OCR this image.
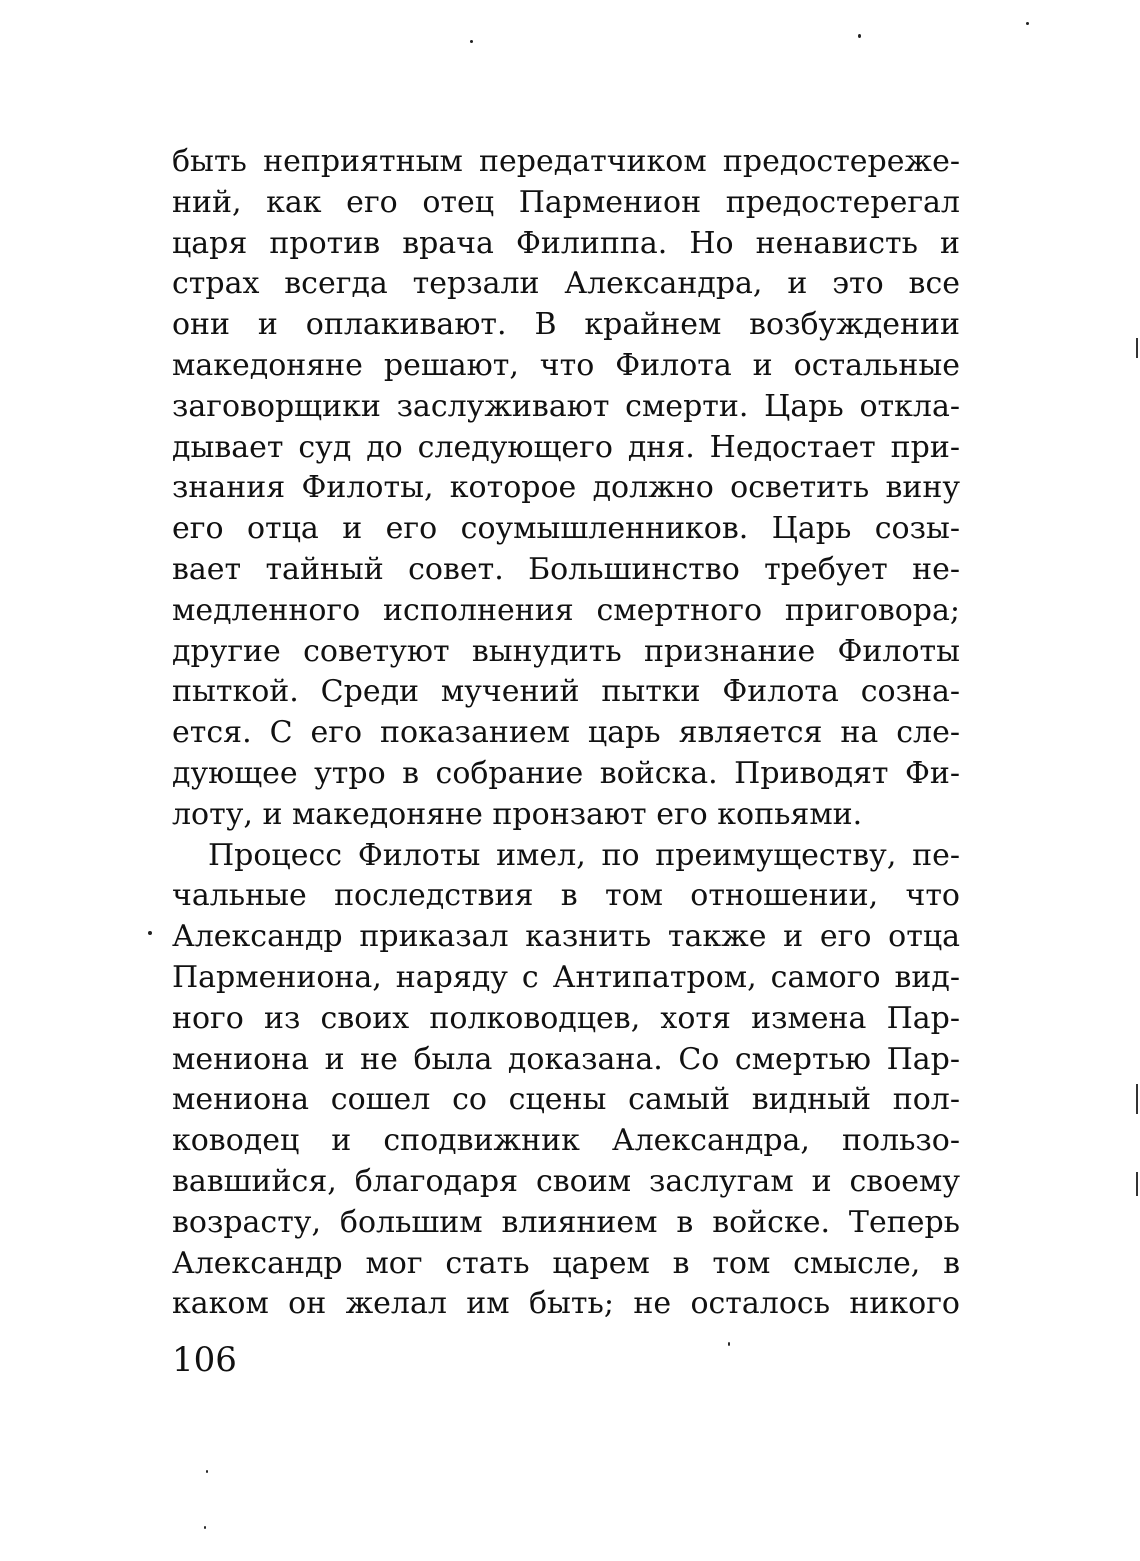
быть неприятным передатчиком предостереже-
ний, как его отец Парменион предостерегал
царя против врача Филиппа. Но ненависть и
страх всегда терзали Александра, и это все
они и оплакивают. В крайнем возбуждении
македоняне решают, что Филота и остальные
заговорщики заслуживают смерти. Царь откла-
дывает суд до следующего дня. Недостает при-
знания Филоты, которое должно осветить вину
его отца и его соумышленников. Царь созы-
вает тайный совет. Большинство требует не-
медленного исполнения смертного приговора;
другие советуют вынудить признание Филоты
пыткой. Среди мучений пытки Филота созна-
ется. С его показанием царь является на сле-
дующее утро в собрание войска. Приводят Фи-
лоту, и македоняне пронзают его копьями.
Процесс Филоты имел, по преимуществу, пе-
чальные последствия в том отношении, что
Александр приказал казнить также и его отца
Пармениона, наряду с Антипатром, самого вид-
ного из своих полководцев, хотя измена Пар-
мениона и не была доказана. Со смертью Пар-
мениона сошел со сцены самый видный пол-
ководец и сподвижник Александра, пользо-
вавшийся, благодаря своим заслугам и своему
возрасту, большим влиянием в войске. Теперь
Александр мог стать царем в том смысле, в
каком он желал им быть; не осталось никого
106
